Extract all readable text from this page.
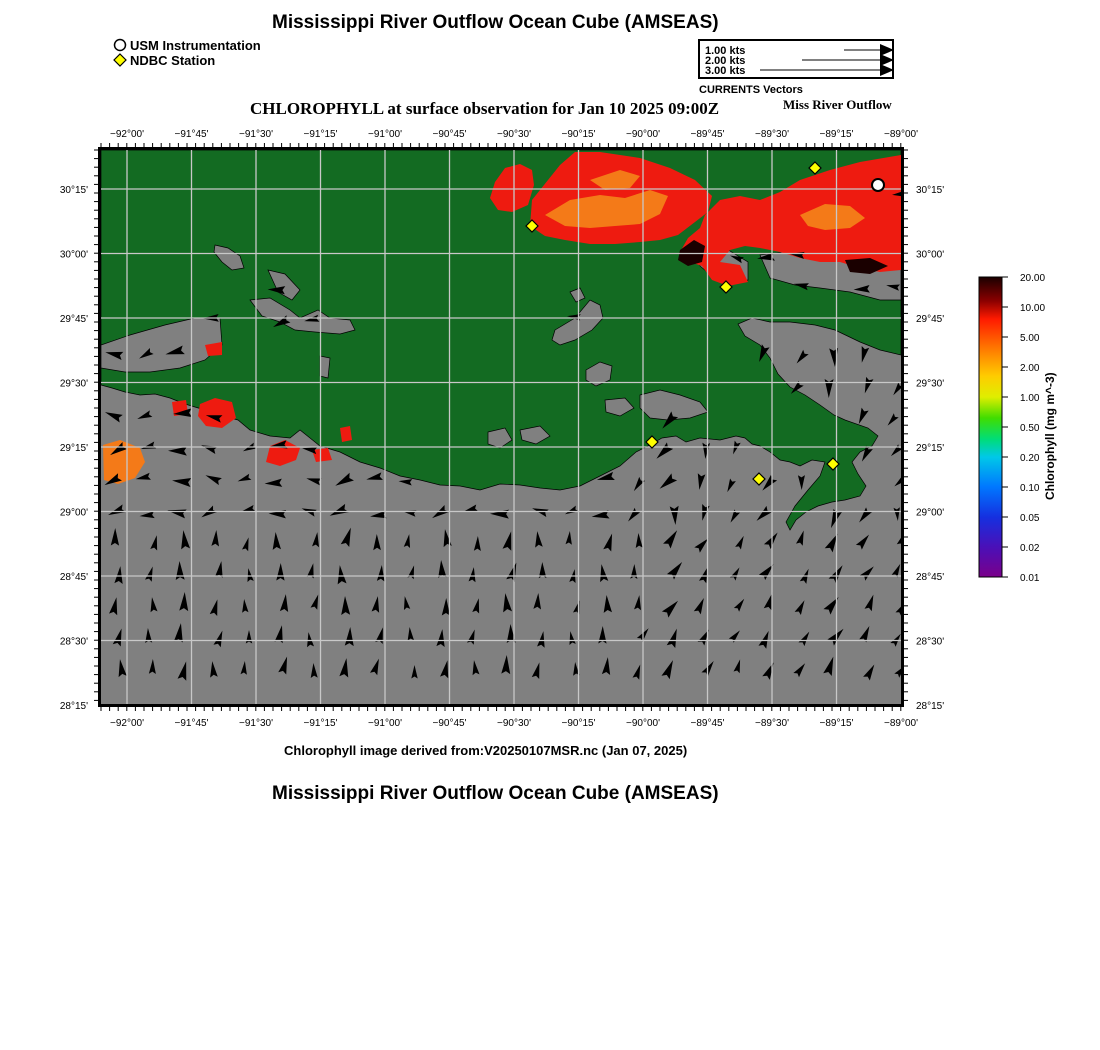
Mississippi River Outflow Ocean Cube (AMSEAS)
CHLOROPHYLL at surface observation for Jan 10 2025 09:00Z	Miss River Outflow
USM Instrumentation
NDBC Station
1.00 kts
2.00 kts
3.00 kts
CURRENTS Vectors
−92°00'
−92°00'
−91°45'
−91°45'
−91°30'
−91°30'
−91°15'
−91°15'
−91°00'
−91°00'
−90°45'
−90°45'
−90°30'
−90°30'
−90°15'
−90°15'
−90°00'
−90°00'
−89°45'
−89°45'
−89°30'
−89°30'
−89°15'
−89°15'
−89°00'
−89°00'
30°15'	30°15'
30°00'	30°00'
29°45'	29°45'
29°30'	29°30'
29°15'	29°15'
29°00'	29°00'
28°45'	28°45'
28°30'	28°30'
28°15'	28°15'
20.00
10.00
5.00
2.00
1.00
0.50
0.20
0.10
0.05
0.02
0.01
Chlorophyll (mg m^-3)
Chlorophyll image derived from:V20250107MSR.nc (Jan 07, 2025)
Mississippi River Outflow Ocean Cube (AMSEAS)
